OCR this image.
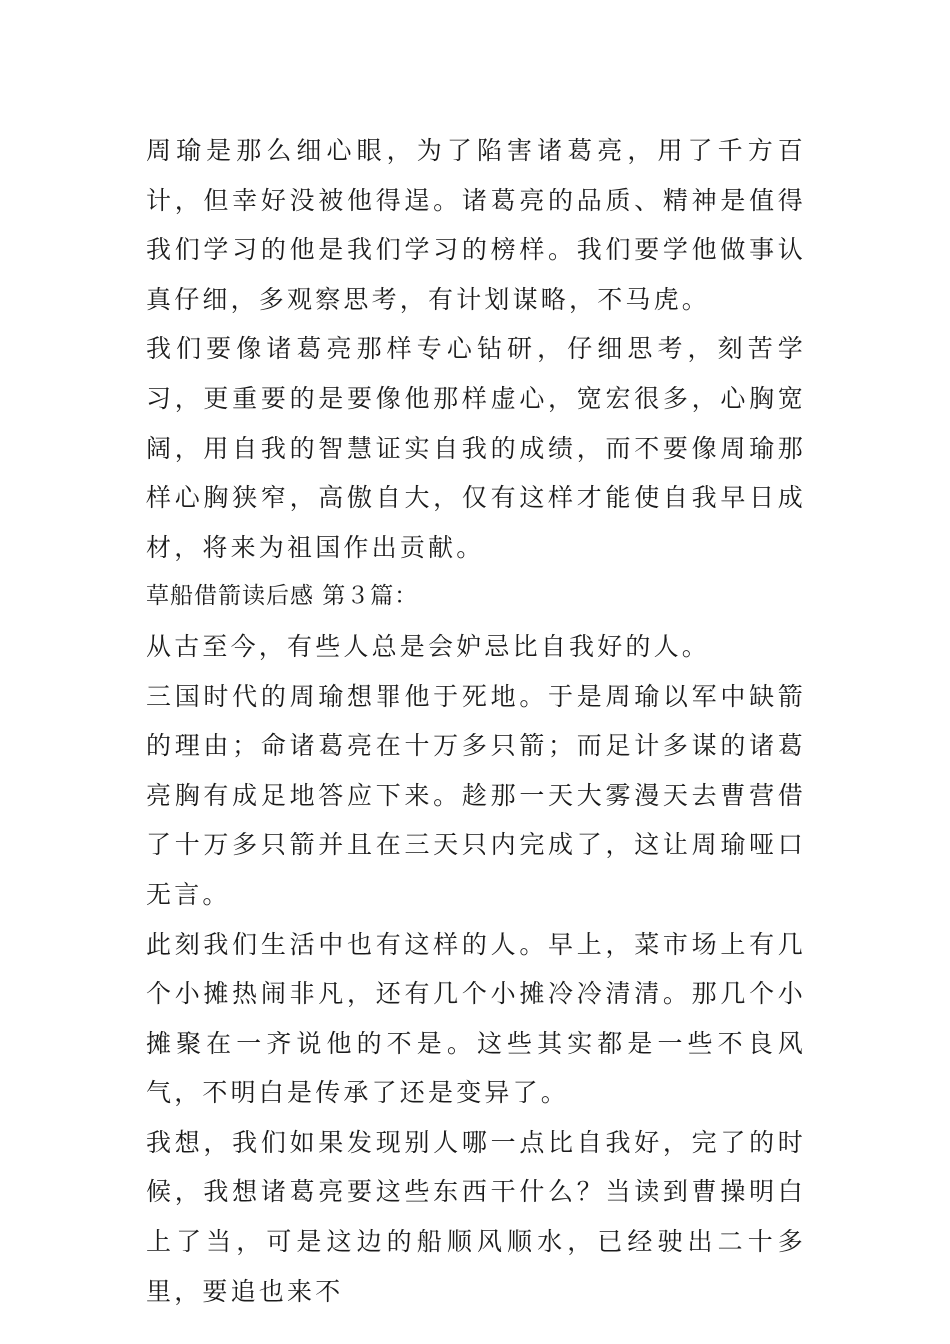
周瑜是那么细心眼，为了陷害诸葛亮，用了千方百计，但幸好没被他得逞。诸葛亮的品质、精神是值得我们学习的他是我们学习的榜样。我们要学他做事认真仔细，多观察思考，有计划谋略，不马虎。

我们要像诸葛亮那样专心钻研，仔细思考，刻苦学习，更重要的是要像他那样虚心，宽宏很多，心胸宽阔，用自我的智慧证实自我的成绩，而不要像周瑜那样心胸狭窄，高傲自大，仅有这样才能使自我早日成材，将来为祖国作出贡献。

草船借箭读后感 第３篇：

从古至今，有些人总是会妒忌比自我好的人。

三国时代的周瑜想罪他于死地。于是周瑜以军中缺箭的理由；命诸葛亮在十万多只箭；而足计多谋的诸葛亮胸有成足地答应下来。趁那一天大雾漫天去曹营借了十万多只箭并且在三天只内完成了，这让周瑜哑口无言。

此刻我们生活中也有这样的人。早上，菜市场上有几个小摊热闹非凡，还有几个小摊冷冷清清。那几个小摊聚在一齐说他的不是。这些其实都是一些不良风气，不明白是传承了还是变异了。

我想，我们如果发现别人哪一点比自我好，完了的时候，我想诸葛亮要这些东西干什么？当读到曹操明白上了当，可是这边的船顺风顺水，已经驶出二十多里，要追也来不
